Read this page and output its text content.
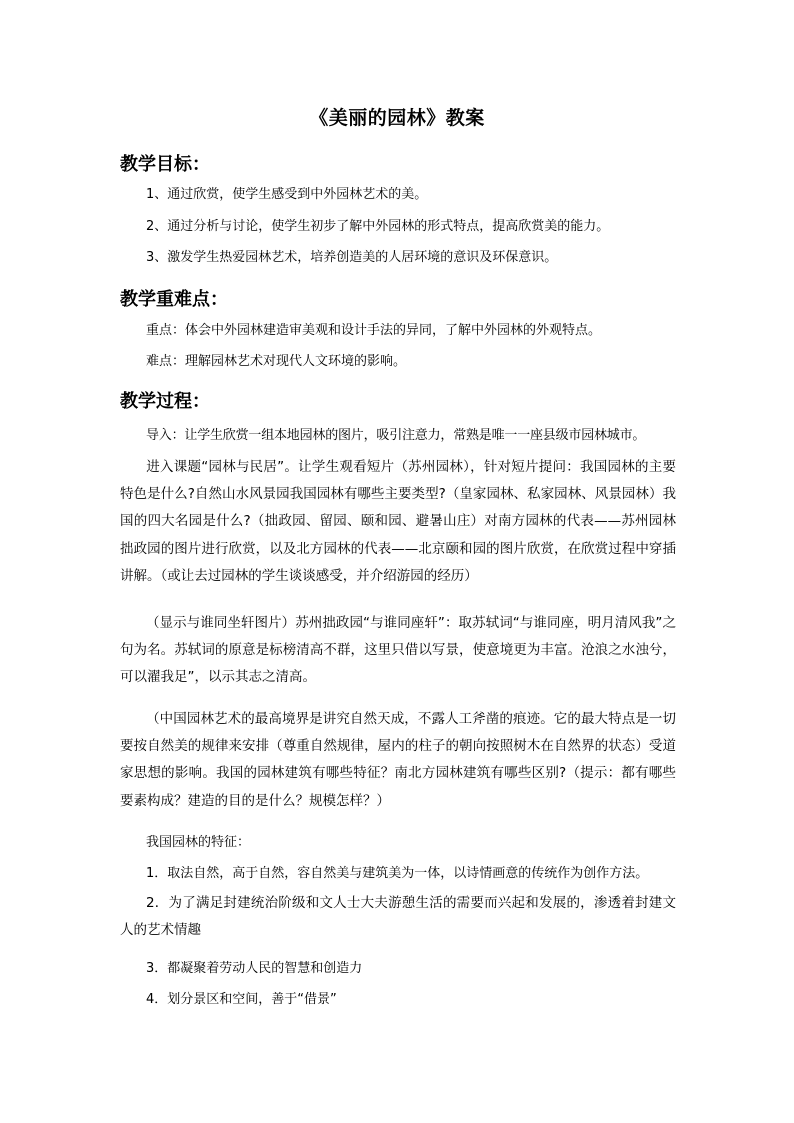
《美丽的园林》教案
教学目标：
1、通过欣赏，使学生感受到中外园林艺术的美。
2、通过分析与讨论，使学生初步了解中外园林的形式特点，提高欣赏美的能力。
3、激发学生热爱园林艺术，培养创造美的人居环境的意识及环保意识。
教学重难点：
重点：体会中外园林建造审美观和设计手法的异同，了解中外园林的外观特点。
难点：理解园林艺术对现代人文环境的影响。
教学过程：
导入：让学生欣赏一组本地园林的图片，吸引注意力，常熟是唯一一座县级市园林城市。
进入课题“园林与民居”。让学生观看短片（苏州园林），针对短片提问：我国园林的主要特色是什么?自然山水风景园我国园林有哪些主要类型?（皇家园林、私家园林、风景园林）我国的四大名园是什么?（拙政园、留园、颐和园、避暑山庄）对南方园林的代表——苏州园林拙政园的图片进行欣赏，以及北方园林的代表——北京颐和园的图片欣赏，在欣赏过程中穿插讲解。（或让去过园林的学生谈谈感受，并介绍游园的经历）
（显示与谁同坐轩图片）苏州拙政园“与谁同座轩”：取苏轼词“与谁同座，明月清风我”之句为名。苏轼词的原意是标榜清高不群，这里只借以写景，使意境更为丰富。沧浪之水浊兮，可以濯我足”，以示其志之清高。
（中国园林艺术的最高境界是讲究自然天成，不露人工斧凿的痕迹。它的最大特点是一切要按自然美的规律来安排（尊重自然规律，屋内的柱子的朝向按照树木在自然界的状态）受道家思想的影响。我国的园林建筑有哪些特征？南北方园林建筑有哪些区别?（提示：都有哪些要素构成？建造的目的是什么？规模怎样？）
我国园林的特征：
1．取法自然，高于自然，容自然美与建筑美为一体，以诗情画意的传统作为创作方法。
2．为了满足封建统治阶级和文人士大夫游憩生活的需要而兴起和发展的，渗透着封建文人的艺术情趣
3．都凝聚着劳动人民的智慧和创造力
4．划分景区和空间，善于“借景”
